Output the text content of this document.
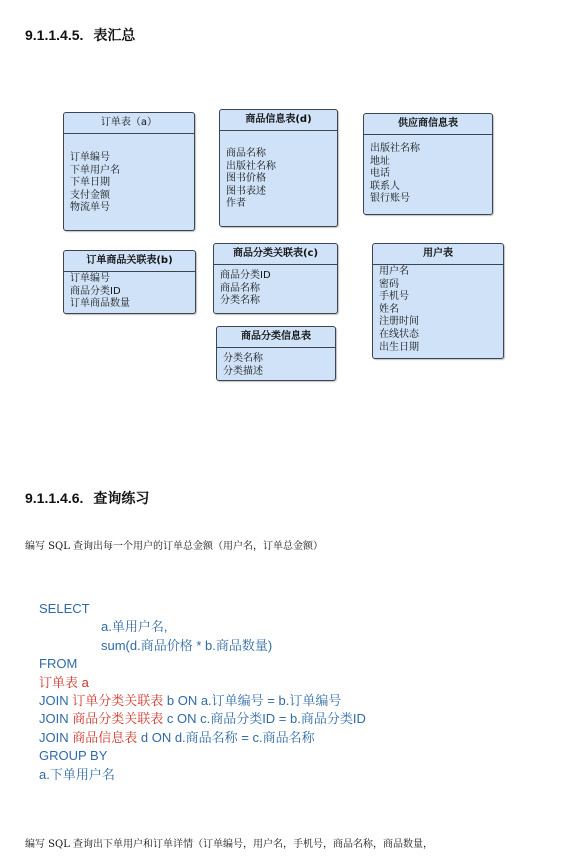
9.1.1.4.5. 表汇总
订单表（a）
订单编号
下单用户名
下单日期
支付金额
物流单号
商品信息表(d)
商品名称
出版社名称
图书价格
图书表述
作者
供应商信息表
出版社名称
地址
电话
联系人
银行账号
订单商品关联表(b)
订单编号
商品分类ID
订单商品数量
商品分类关联表(c)
商品分类ID
商品名称
分类名称
用户表
用户名
密码
手机号
姓名
注册时间
在线状态
出生日期
商品分类信息表
分类名称
分类描述
9.1.1.4.6. 查询练习
编写 SQL 查询出每一个用户的订单总金额（用户名，订单总金额）
SELECT
a.单用户名,
sum(d.商品价格 * b.商品数量)
FROM
订单表 a
JOIN 订单分类关联表 b ON a.订单编号 = b.订单编号
JOIN 商品分类关联表 c ON c.商品分类ID = b.商品分类ID
JOIN 商品信息表 d ON d.商品名称 = c.商品名称
GROUP BY
a.下单用户名
编写 SQL 查询出下单用户和订单详情（订单编号，用户名，手机号，商品名称，商品数量，
